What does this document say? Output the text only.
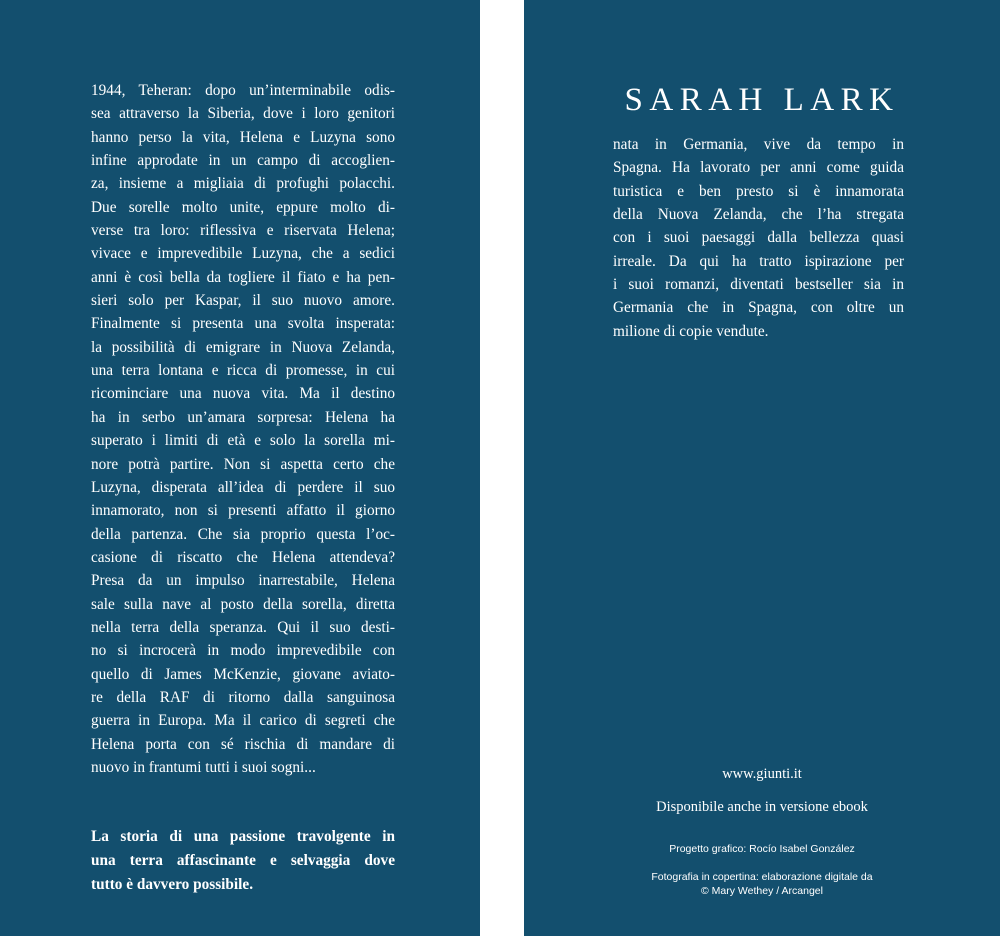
1944, Teheran: dopo un’interminabile odis-
sea attraverso la Siberia, dove i loro genitori
hanno perso la vita, Helena e Luzyna sono
infine approdate in un campo di accoglien-
za, insieme a migliaia di profughi polacchi.
Due sorelle molto unite, eppure molto di-
verse tra loro: riflessiva e riservata Helena;
vivace e imprevedibile Luzyna, che a sedici
anni è così bella da togliere il fiato e ha pen-
sieri solo per Kaspar, il suo nuovo amore.
Finalmente si presenta una svolta insperata:
la possibilità di emigrare in Nuova Zelanda,
una terra lontana e ricca di promesse, in cui
ricominciare una nuova vita. Ma il destino
ha in serbo un’amara sorpresa: Helena ha
superato i limiti di età e solo la sorella mi-
nore potrà partire. Non si aspetta certo che
Luzyna, disperata all’idea di perdere il suo
innamorato, non si presenti affatto il giorno
della partenza. Che sia proprio questa l’oc-
casione di riscatto che Helena attendeva?
Presa da un impulso inarrestabile, Helena
sale sulla nave al posto della sorella, diretta
nella terra della speranza. Qui il suo desti-
no si incrocerà in modo imprevedibile con
quello di James McKenzie, giovane aviato-
re della RAF di ritorno dalla sanguinosa
guerra in Europa. Ma il carico di segreti che
Helena porta con sé rischia di mandare di
nuovo in frantumi tutti i suoi sogni...
La storia di una passione travolgente in
una terra affascinante e selvaggia dove
tutto è davvero possibile.
SARAH LARK
nata in Germania, vive da tempo in
Spagna. Ha lavorato per anni come guida
turistica e ben presto si è innamorata
della Nuova Zelanda, che l’ha stregata
con i suoi paesaggi dalla bellezza quasi
irreale. Da qui ha tratto ispirazione per
i suoi romanzi, diventati bestseller sia in
Germania che in Spagna, con oltre un
milione di copie vendute.
www.giunti.it
Disponibile anche in versione ebook
Progetto grafico: Rocío Isabel González
Fotografia in copertina: elaborazione digitale da
© Mary Wethey / Arcangel
